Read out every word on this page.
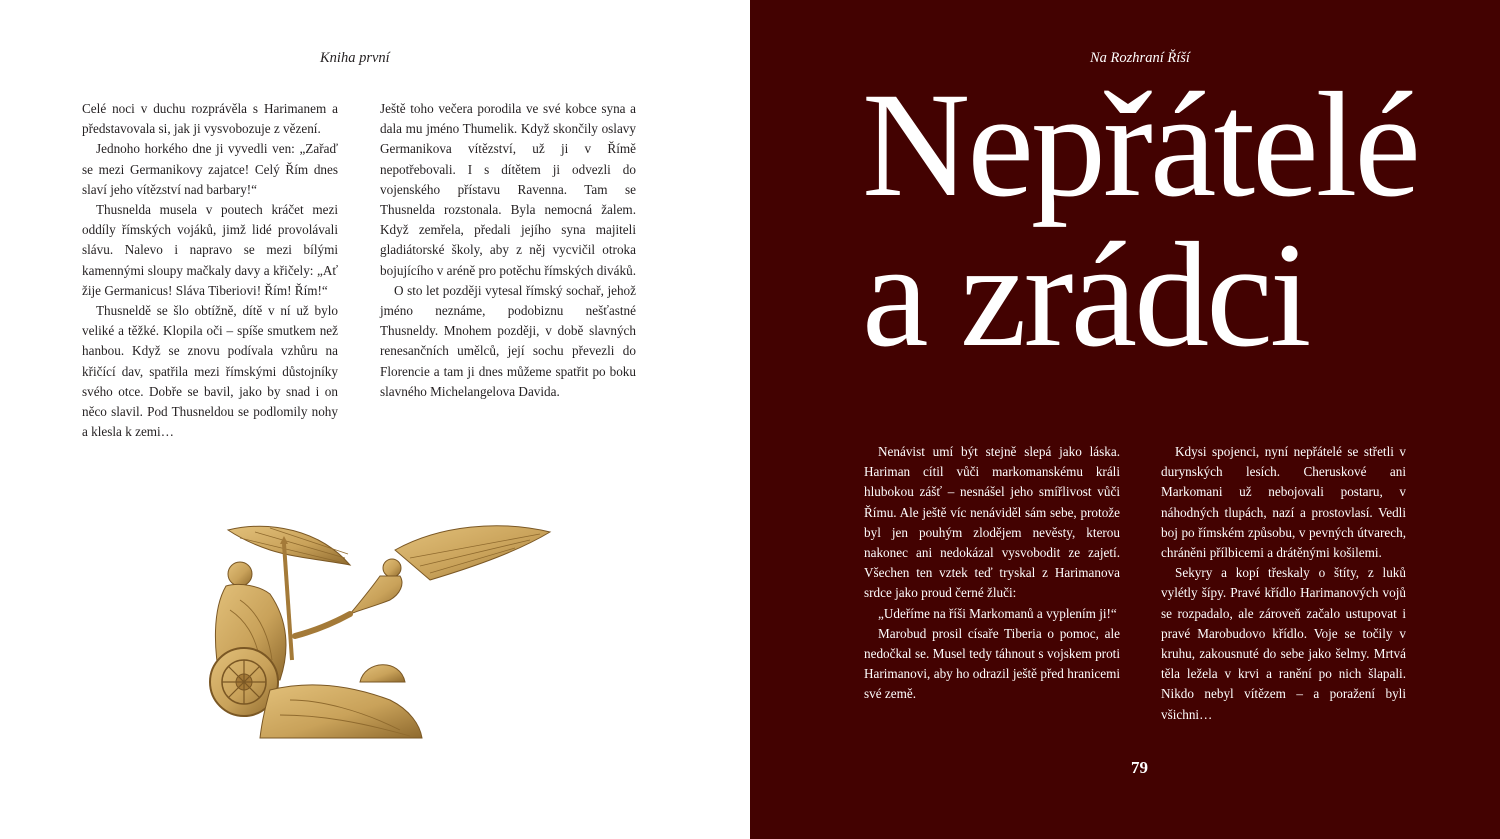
Kniha první

Celé noci v duchu rozprávěla s Harimanem a představovala si, jak ji vysvobozuje z vězení.

Jednoho horkého dne ji vyvedli ven: „Zařaď se mezi Germanikovy zajatce! Celý Řím dnes slaví jeho vítězství nad barbary!“

Thusnelda musela v poutech kráčet mezi oddíly římských vojáků, jimž lidé provolávali slávu. Nalevo i napravo se mezi bílými kamennými sloupy mačkaly davy a křičely: „Ať žije Germanicus! Sláva Tiberiovi! Řím! Řím!“

Thusneldě se šlo obtížně, dítě v ní už bylo veliké a těžké. Klopila oči – spíše smutkem než hanbou. Když se znovu podívala vzhůru na křičící dav, spatřila mezi římskými důstojníky svého otce. Dobře se bavil, jako by snad i on něco slavil. Pod Thusneldou se podlomily nohy a klesla k zemi…

Ještě toho večera porodila ve své kobce syna a dala mu jméno Thumelik. Když skončily oslavy Germanikova vítězství, už ji v Římě nepotřebovali. I s dítětem ji odvezli do vojenského přístavu Ravenna. Tam se Thusnelda rozstonala. Byla nemocná žalem. Když zemřela, předali jejího syna majiteli gladiátorské školy, aby z něj vycvičil otroka bojujícího v aréně pro potěchu římských diváků.

O sto let později vytesal římský sochař, jehož jméno neznáme, podobiznu nešťastné Thusneldy. Mnohem později, v době slavných renesančních umělců, její sochu převezli do Florencie a tam ji dnes můžeme spatřit po boku slavného Michelangelova Davida.

Na Rozhraní Říší
Nepřátelé
a zrádci

Nenávist umí být stejně slepá jako láska. Hariman cítil vůči markomanskému králi hlubokou zášť – nesnášel jeho smířlivost vůči Římu. Ale ještě víc nenáviděl sám sebe, protože byl jen pouhým zlodějem nevěsty, kterou nakonec ani nedokázal vysvobodit ze zajetí. Všechen ten vztek teď tryskal z Harimanova srdce jako proud černé žluči:

„Udeříme na říši Markomanů a vyplením ji!“

Marobud prosil císaře Tiberia o pomoc, ale nedočkal se. Musel tedy táhnout s vojskem proti Harimanovi, aby ho odrazil ještě před hranicemi své země.

Kdysi spojenci, nyní nepřátelé se střetli v durynských lesích. Cheruskové ani Markomani už nebojovali postaru, v náhodných tlupách, nazí a prostovlasí. Vedli boj po římském způsobu, v pevných útvarech, chráněni přílbicemi a drátěnými košilemi.

Sekyry a kopí třeskaly o štíty, z luků vylétly šípy. Pravé křídlo Harimanových vojů se rozpadalo, ale zároveň začalo ustupovat i pravé Marobudovo křídlo. Voje se točily v kruhu, zakousnuté do sebe jako šelmy. Mrtvá těla ležela v krvi a ranění po nich šlapali. Nikdo nebyl vítězem – a poražení byli všichni…

79
